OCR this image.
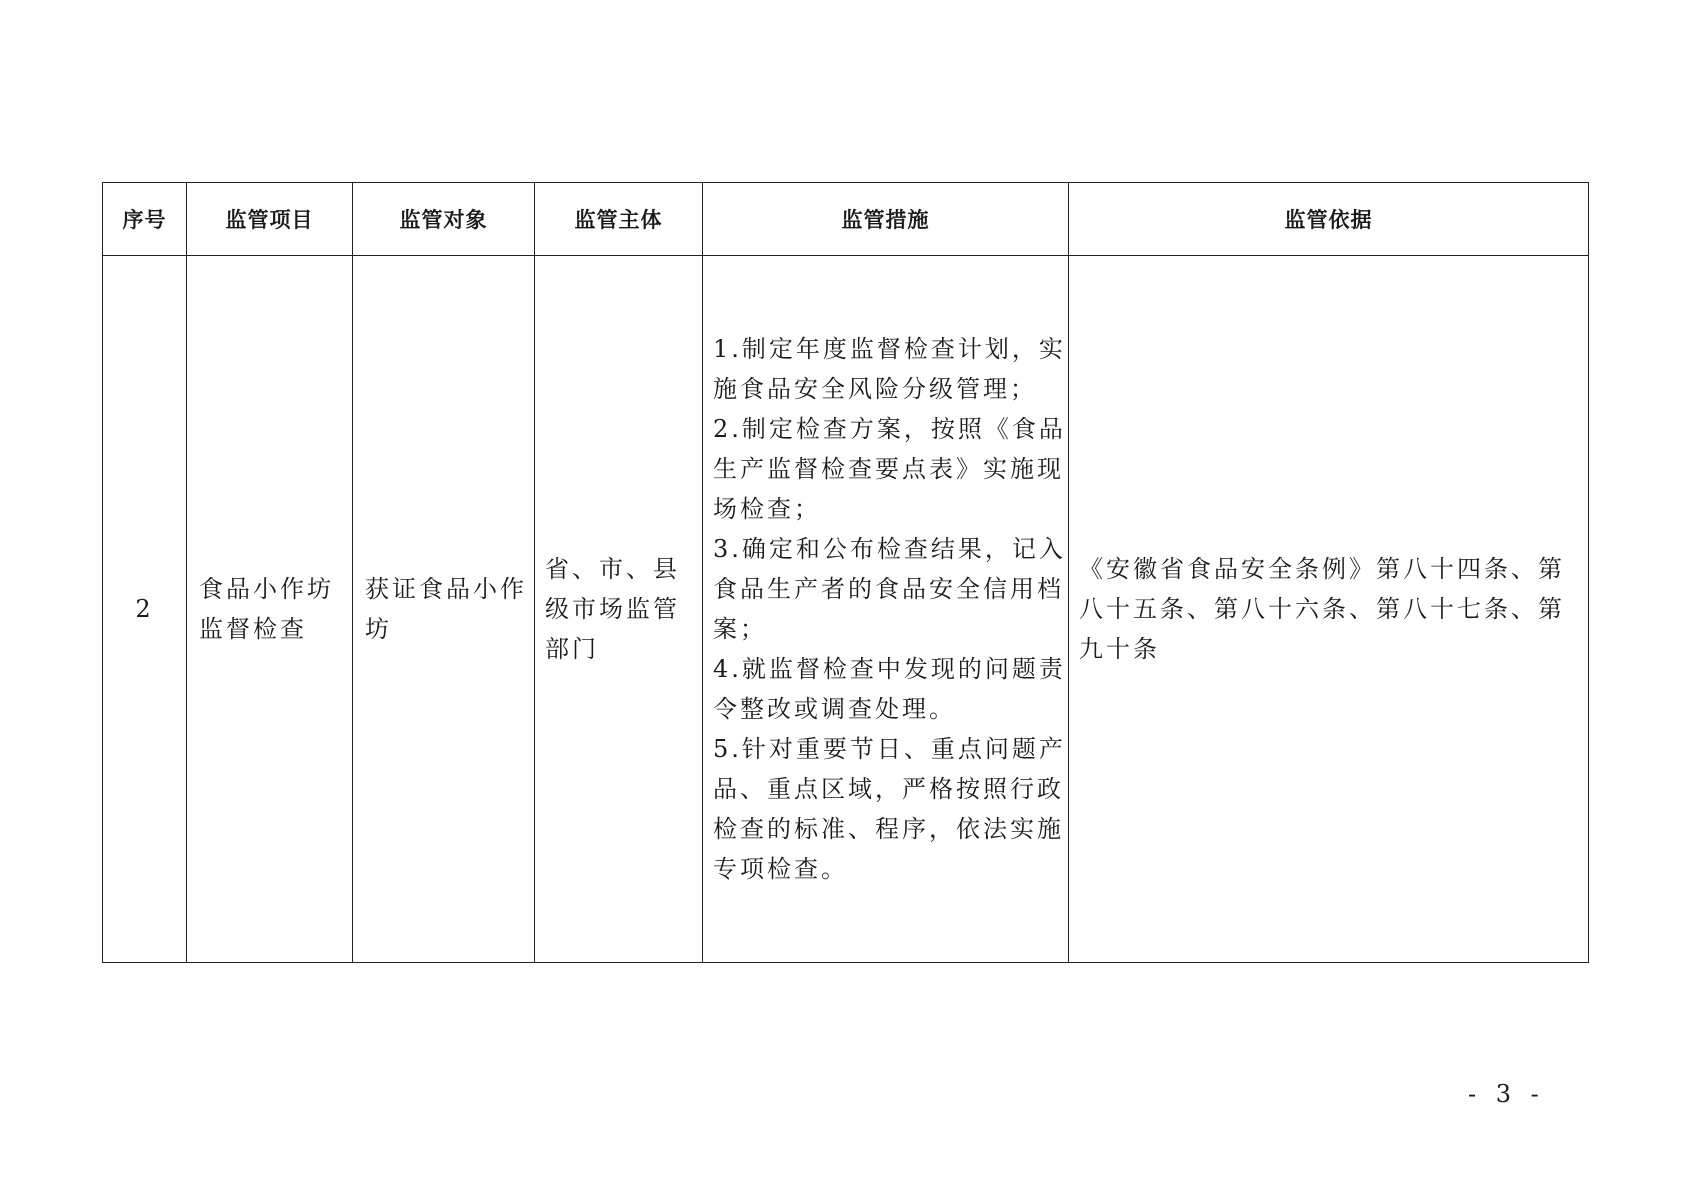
序号	监管项目	监管对象	监管主体	监管措施	监管依据
2	食品小作坊监督检查	获证食品小作坊	省、市、县级市场监管部门	1.制定年度监督检查计划，实施食品安全风险分级管理；
2.制定检查方案，按照《食品生产监督检查要点表》实施现场检查；
3.确定和公布检查结果，记入食品生产者的食品安全信用档案；
4.就监督检查中发现的问题责令整改或调查处理。
5.针对重要节日、重点问题产品、重点区域，严格按照行政检查的标准、程序，依法实施专项检查。	《安徽省食品安全条例》第八十四条、第八十五条、第八十六条、第八十七条、第九十条
- 3 -
